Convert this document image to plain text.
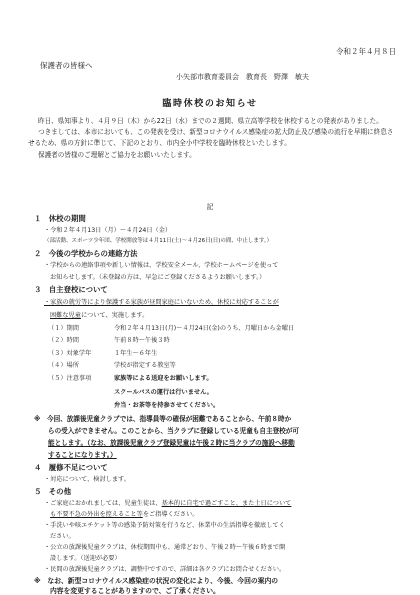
令和２年４月８日
保護者の皆様へ
小矢部市教育委員会　教育長　野澤　敏夫
臨時休校のお知らせ

昨日、県知事より、４月９日（木）から22日（水）までの２週間、県立高等学校を休校するとの発表がありました。

つきましては、本市においても、この発表を受け、新型コロナウイルス感染症の拡大防止及び感染の流行を早期に終息させるため、県の方針に準じて、下記のとおり、市内全小中学校を臨時休校といたします。

保護者の皆様のご理解とご協力をお願いいたします。

記
１　休校の期間
・令和２年４月13日（月）～４月24日（金）
（部活動、スポーツ少年団、学校開放等は４月11日(土)～４月26日(日)の間、中止します。）
２　今後の学校からの連絡方法
・学校からの連絡事項や新しい情報は、学校安全メール、学校ホームページを使って
お知らせします。（未登録の方は、早急にご登録くださるようお願いします。）
３　自主登校について
・家族の就労等により保護する家族が昼間家庭にいないため、休校に対応することが
困難な児童について、実施します。
（１）期間	令和２年４月13日(月)～４月24日(金)のうち、月曜日から金曜日
（２）時間	午前８時～午後３時
（３）対象学年	１年生～６年生
（４）場所	学校が指定する教室等
（５）注意事項	家族等による送迎をお願いします。
スクールバスの運行は行いません。
弁当・お茶等を持参させてください。
※　今回、放課後児童クラブでは、指導員等の確保が困難であることから、午前８時か
らの受入ができません。このことから、当クラブに登録している児童も自主登校が可
能とします。（なお、放課後児童クラブ登録児童は午後２時に当クラブの施設へ移動
することになります。）
４　履修不足について
・対応について、検討します。
５　その他
・ご家庭におかれましては、児童生徒は、基本的に自宅で過ごすこと、また土日について
も不要不急の外出を控えること等をご指導ください。
・手洗いや咳エチケット等の感染予防対策を行うなど、休業中の生活指導を徹底してく
ださい。
・公立の放課後児童クラブは、休校期間中も、通常どおり、午後２時～午後６時まで開
設します。（送迎が必要）
・民間の放課後児童クラブは、調整中ですので、詳細は各クラブにお問合せください。
※　なお、新型コロナウイルス感染症の状況の変化により、今後、今回の案内の
内容を変更することがありますので、ご了承ください。
